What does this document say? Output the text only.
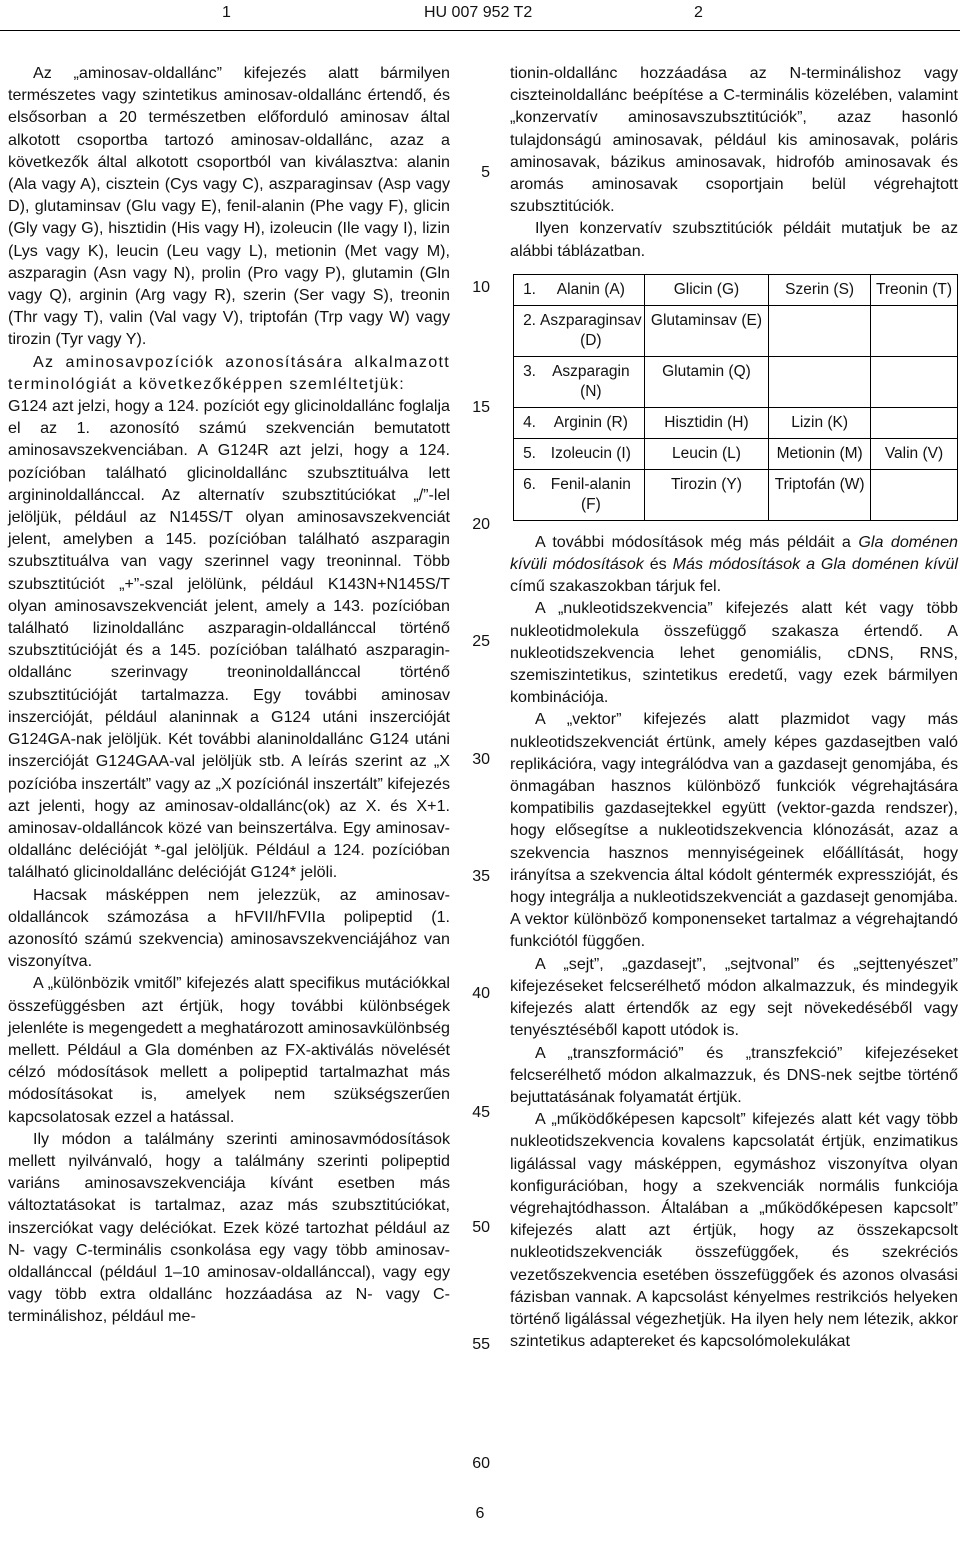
1	HU 007 952 T2	2

Az „aminosav-oldallánc” kifejezés alatt bármilyen természetes vagy szintetikus aminosav-oldallánc értendő, és elsősorban a 20 természetben előforduló aminosav által alkotott csoportba tartozó aminosav-oldallánc, azaz a következők által alkotott csoportból van kiválasztva: alanin (Ala vagy A), cisztein (Cys vagy C), aszparaginsav (Asp vagy D), glutaminsav (Glu vagy E), fenil-alanin (Phe vagy F), glicin (Gly vagy G), hisztidin (His vagy H), izoleucin (Ile vagy I), lizin (Lys vagy K), leucin (Leu vagy L), metionin (Met vagy M), aszparagin (Asn vagy N), prolin (Pro vagy P), glutamin (Gln vagy Q), arginin (Arg vagy R), szerin (Ser vagy S), treonin (Thr vagy T), valin (Val vagy V), triptofán (Trp vagy W) vagy tirozin (Tyr vagy Y).

Az aminosavpozíciók azonosítására alkalmazott terminológiát a következőképpen szemléltetjük:

G124 azt jelzi, hogy a 124. pozíciót egy glicinoldallánc foglalja el az 1. azonosító számú szekvencián bemutatott aminosavszekvenciában. A G124R azt jelzi, hogy a 124. pozícióban található glicinoldallánc szubsztituálva lett argininoldallánccal. Az alternatív szubsztitúciókat „/”-lel jelöljük, például az N145S/T olyan aminosavszekvenciát jelent, amelyben a 145. pozícióban található aszparagin szubsztituálva van vagy szerinnel vagy treoninnal. Több szubsztitúciót „+”-szal jelölünk, például K143N+N145S/T olyan aminosavszekvenciát jelent, amely a 143. pozícióban található lizinoldallánc aszparagin-oldallánccal történő szubsztitúcióját és a 145. pozícióban található aszparagin-oldallánc szerinvagy treoninoldallánccal történő szubsztitúcióját tartalmazza. Egy további aminosav inszercióját, például alaninnak a G124 utáni inszercióját G124GA-nak jelöljük. Két további alaninoldallánc G124 utáni inszercióját G124GAA-val jelöljük stb. A leírás szerint az „X pozícióba inszertált” vagy az „X pozíciónál inszertált” kifejezés azt jelenti, hogy az aminosav-oldallánc(ok) az X. és X+1. aminosav-oldalláncok közé van beinszertálva. Egy aminosav-oldallánc delécióját *-gal jelöljük. Például a 124. pozícióban található glicinoldallánc delécióját G124* jelöli.

Hacsak másképpen nem jelezzük, az aminosav-oldalláncok számozása a hFVII/hFVIIa polipeptid (1. azonosító számú szekvencia) aminosavszekvenciájához van viszonyítva.

A „különbözik vmitől” kifejezés alatt specifikus mutációkkal összefüggésben azt értjük, hogy további különbségek jelenléte is megengedett a meghatározott aminosavkülönbség mellett. Például a Gla doménben az FX-aktiválás növelését célzó módosítások mellett a polipeptid tartalmazhat más módosításokat is, amelyek nem szükségszerűen kapcsolatosak ezzel a hatással.

Ily módon a találmány szerinti aminosavmódosítások mellett nyilvánvaló, hogy a találmány szerinti polipeptid variáns aminosavszekvenciája kívánt esetben más változtatásokat is tartalmaz, azaz más szubsztitúciókat, inszerciókat vagy deléciókat. Ezek közé tartozhat például az N- vagy C-terminális csonkolása egy vagy több aminosav-oldallánccal (például 1–10 aminosav-oldallánccal), vagy egy vagy több extra oldallánc hozzáadása az N- vagy C-terminálishoz, például me-

5
10
15
20
25
30
35
40
45
50
55
60

tionin-oldallánc hozzáadása az N-terminálishoz vagy ciszteinoldallánc beépítése a C-terminális közelében, valamint „konzervatív aminosavszubsztitúciók”, azaz hasonló tulajdonságú aminosavak, például kis aminosavak, poláris aminosavak, bázikus aminosavak, hidrofób aminosavak és aromás aminosavak csoportjain belül végrehajtott szubsztitúciók.

Ilyen konzervatív szubsztitúciók példáit mutatjuk be az alábbi táblázatban.

1.	Alanin (A)	Glicin (G)	Szerin (S)	Treonin (T)
2.	Aszparaginsav (D)	Glutaminsav (E)		
3.	Aszparagin (N)	Glutamin (Q)		
4.	Arginin (R)	Hisztidin (H)	Lizin (K)	
5.	Izoleucin (I)	Leucin (L)	Metionin (M)	Valin (V)
6.	Fenil-alanin (F)	Tirozin (Y)	Triptofán (W)	

A további módosítások még más példáit a Gla doménen kívüli módosítások és Más módosítások a Gla doménen kívül című szakaszokban tárjuk fel.

A „nukleotidszekvencia” kifejezés alatt két vagy több nukleotidmolekula összefüggő szakasza értendő. A nukleotidszekvencia lehet genomiális, cDNS, RNS, szemiszintetikus, szintetikus eredetű, vagy ezek bármilyen kombinációja.

A „vektor” kifejezés alatt plazmidot vagy más nukleotidszekvenciát értünk, amely képes gazdasejtben való replikációra, vagy integrálódva van a gazdasejt genomjába, és önmagában hasznos különböző funkciók végrehajtására kompatibilis gazdasejtekkel együtt (vektor-gazda rendszer), hogy elősegítse a nukleotidszekvencia klónozását, azaz a szekvencia hasznos mennyiségeinek előállítását, hogy irányítsa a szekvencia által kódolt géntermék expresszióját, és hogy integrálja a nukleotidszekvenciát a gazdasejt genomjába. A vektor különböző komponenseket tartalmaz a végrehajtandó funkciótól függően.

A „sejt”, „gazdasejt”, „sejtvonal” és „sejttenyészet” kifejezéseket felcserélhető módon alkalmazzuk, és mindegyik kifejezés alatt értendők az egy sejt növekedéséből vagy tenyésztéséből kapott utódok is.

A „transzformáció” és „transzfekció” kifejezéseket felcserélhető módon alkalmazzuk, és DNS-nek sejtbe történő bejuttatásának folyamatát értjük.

A „működőképesen kapcsolt” kifejezés alatt két vagy több nukleotidszekvencia kovalens kapcsolatát értjük, enzimatikus ligálással vagy másképpen, egymáshoz viszonyítva olyan konfigurációban, hogy a szekvenciák normális funkciója végrehajtódhasson. Általában a „működőképesen kapcsolt” kifejezés alatt azt értjük, hogy az összekapcsolt nukleotidszekvenciák összefüggőek, és szekréciós vezetőszekvencia esetében összefüggőek és azonos olvasási fázisban vannak. A kapcsolást kényelmes restrikciós helyeken történő ligálással végezhetjük. Ha ilyen hely nem létezik, akkor szintetikus adaptereket és kapcsolómolekulákat

6
